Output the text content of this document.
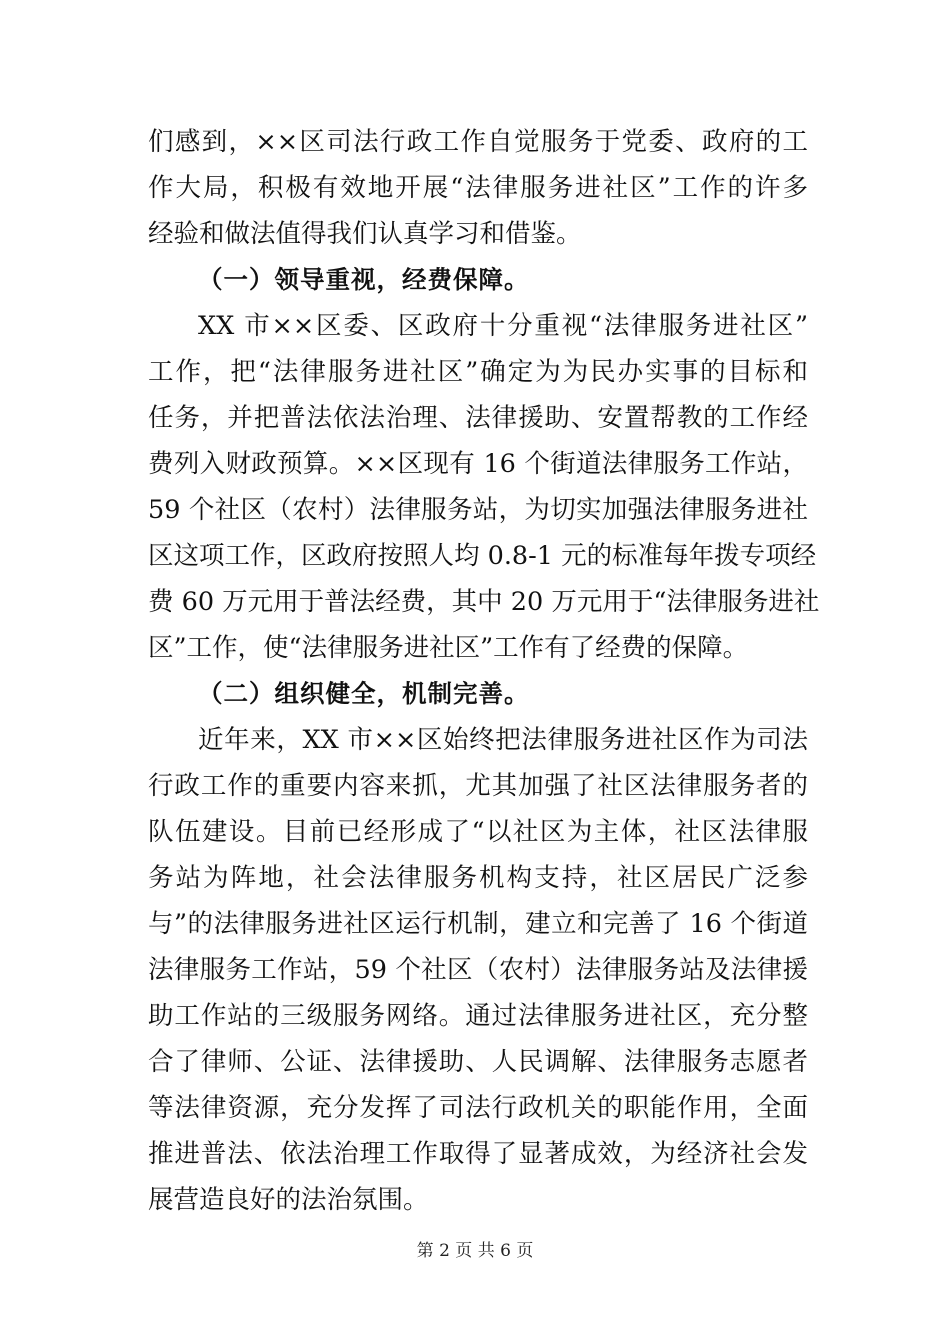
们感到，××区司法行政工作自觉服务于党委、政府的工
作大局，积极有效地开展“法律服务进社区”工作的许多
经验和做法值得我们认真学习和借鉴。
（一）领导重视，经费保障。
XX 市××区委、区政府十分重视“法律服务进社区”
工作，把“法律服务进社区”确定为为民办实事的目标和
任务，并把普法依法治理、法律援助、安置帮教的工作经
费列入财政预算。××区现有 16 个街道法律服务工作站，
59 个社区（农村）法律服务站，为切实加强法律服务进社
区这项工作，区政府按照人均 0.8-1 元的标准每年拨专项经
费 60 万元用于普法经费，其中 20 万元用于“法律服务进社
区”工作，使“法律服务进社区”工作有了经费的保障。
（二）组织健全，机制完善。
近年来，XX 市××区始终把法律服务进社区作为司法
行政工作的重要内容来抓，尤其加强了社区法律服务者的
队伍建设。目前已经形成了“以社区为主体，社区法律服
务站为阵地，社会法律服务机构支持，社区居民广泛参
与”的法律服务进社区运行机制，建立和完善了 16 个街道
法律服务工作站，59 个社区（农村）法律服务站及法律援
助工作站的三级服务网络。通过法律服务进社区，充分整
合了律师、公证、法律援助、人民调解、法律服务志愿者
等法律资源，充分发挥了司法行政机关的职能作用，全面
推进普法、依法治理工作取得了显著成效，为经济社会发
展营造良好的法治氛围。
第 2 页 共 6 页
